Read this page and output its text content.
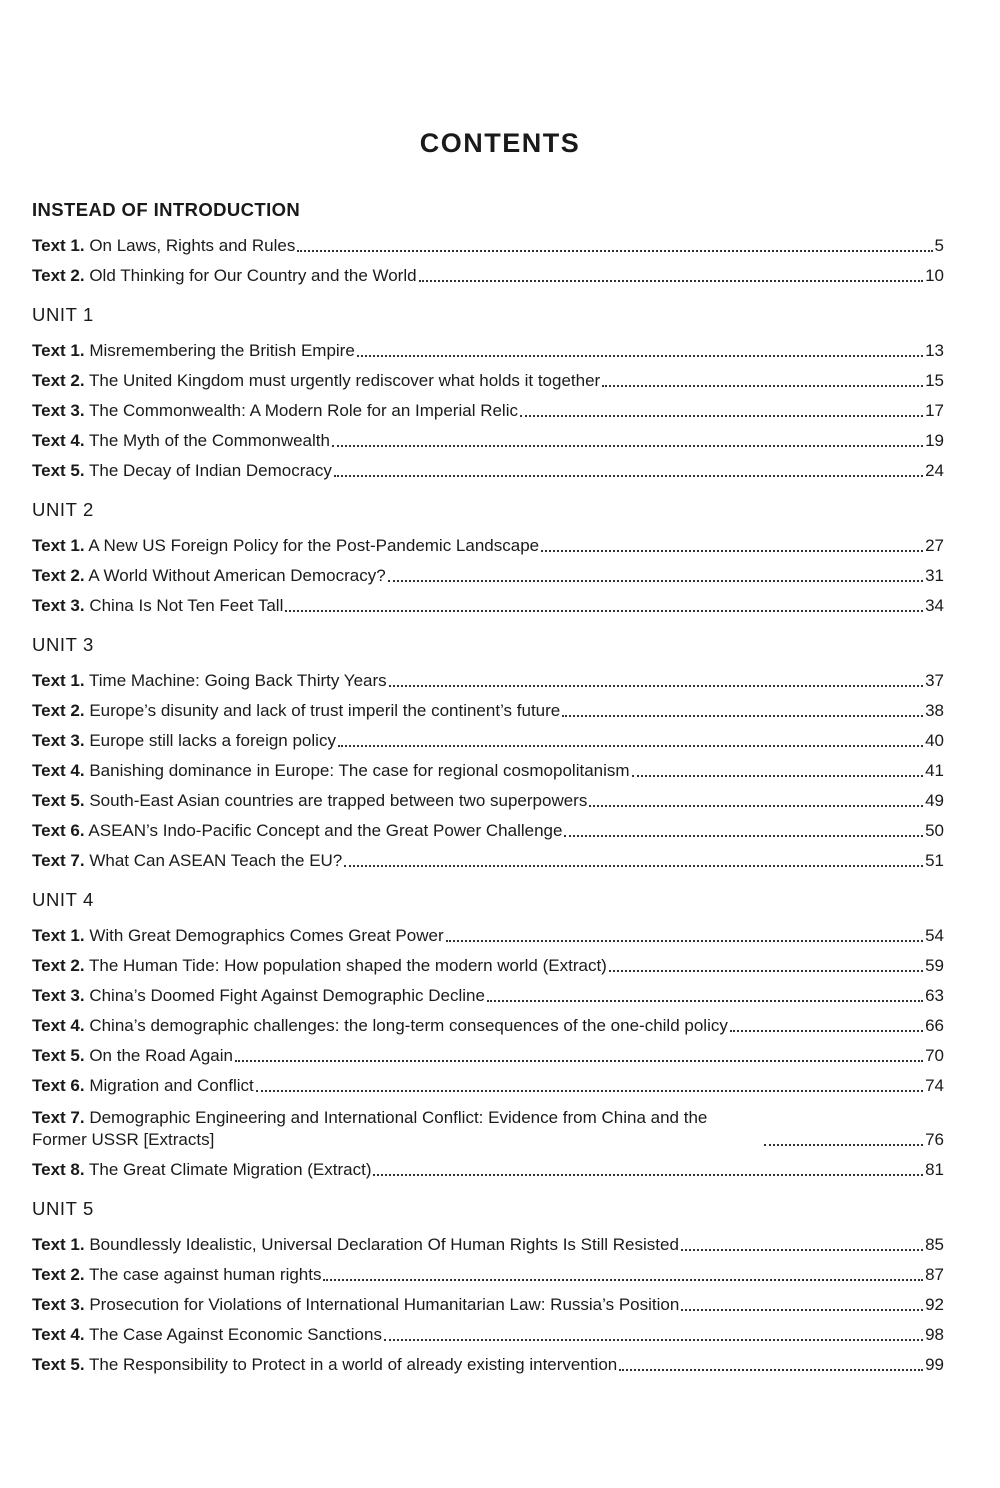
CONTENTS
INSTEAD OF INTRODUCTION
Text 1. On Laws, Rights and Rules	5
Text 2. Old Thinking for Our Country and the World	10
UNIT 1
Text 1. Misremembering the British Empire	13
Text 2. The United Kingdom must urgently rediscover what holds it together	15
Text 3. The Commonwealth: A Modern Role for an Imperial Relic	17
Text 4. The Myth of the Commonwealth	19
Text 5. The Decay of Indian Democracy	24
UNIT 2
Text 1. A New US Foreign Policy for the Post-Pandemic Landscape	27
Text 2. A World Without American Democracy?	31
Text 3. China Is Not Ten Feet Tall	34
UNIT 3
Text 1. Time Machine: Going Back Thirty Years	37
Text 2. Europe’s disunity and lack of trust imperil the continent’s future	38
Text 3. Europe still lacks a foreign policy	40
Text 4. Banishing dominance in Europe: The case for regional cosmopolitanism	41
Text 5. South-East Asian countries are trapped between two superpowers	49
Text 6. ASEAN’s Indo-Pacific Concept and the Great Power Challenge	50
Text 7. What Can ASEAN Teach the EU?	51
UNIT 4
Text 1. With Great Demographics Comes Great Power	54
Text 2. The Human Tide: How population shaped the modern world (Extract)	59
Text 3. China’s Doomed Fight Against Demographic Decline	63
Text 4. China’s demographic challenges: the long-term consequences of the one-child policy	66
Text 5. On the Road Again	70
Text 6. Migration and Conflict	74
Text 7. Demographic Engineering and International Conflict: Evidence from China and the Former USSR [Extracts]	76
Text 8. The Great Climate Migration (Extract)	81
UNIT 5
Text 1. Boundlessly Idealistic, Universal Declaration Of Human Rights Is Still Resisted	85
Text 2. The case against human rights	87
Text 3. Prosecution for Violations of International Humanitarian Law: Russia’s Position	92
Text 4. The Case Against Economic Sanctions	98
Text 5. The Responsibility to Protect in a world of already existing intervention	99
